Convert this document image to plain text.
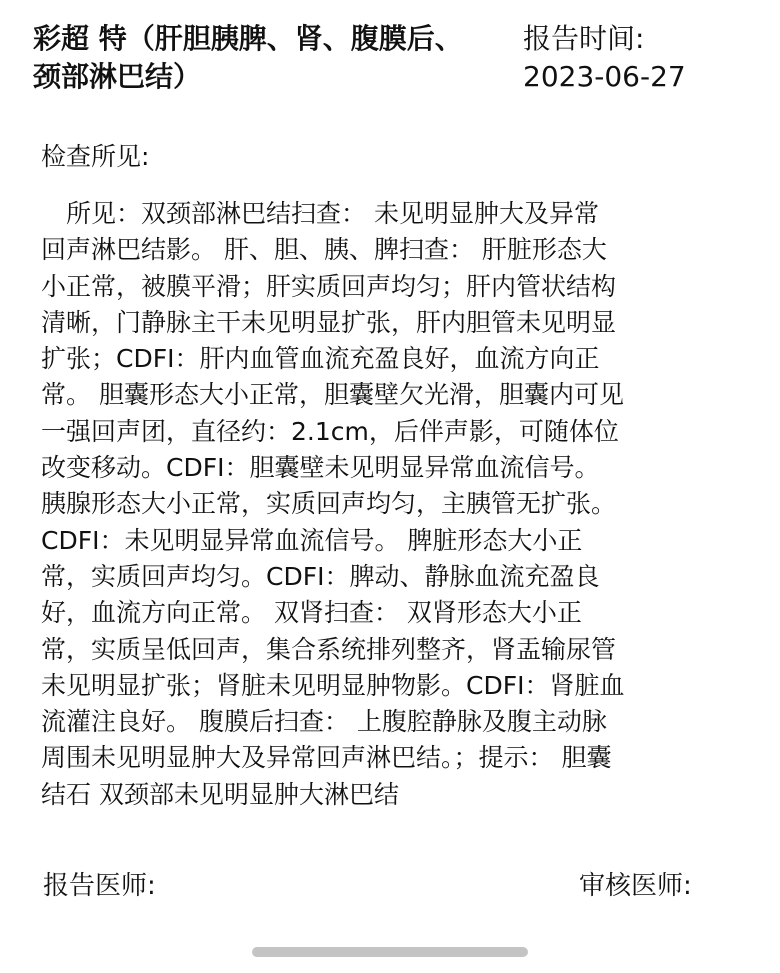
彩超 特（肝胆胰脾、肾、腹膜后、
颈部淋巴结）
报告时间:
2023-06-27
检查所见:
　所见：双颈部淋巴结扫查： 未见明显肿大及异常
回声淋巴结影。 肝、胆、胰、脾扫查： 肝脏形态大
小正常，被膜平滑；肝实质回声均匀；肝内管状结构
清晰，门静脉主干未见明显扩张，肝内胆管未见明显
扩张；CDFI：肝内血管血流充盈良好，血流方向正
常。 胆囊形态大小正常，胆囊壁欠光滑，胆囊内可见
一强回声团，直径约：2.1cm，后伴声影，可随体位
改变移动。CDFI：胆囊壁未见明显异常血流信号。
胰腺形态大小正常，实质回声均匀，主胰管无扩张。
CDFI：未见明显异常血流信号。 脾脏形态大小正
常，实质回声均匀。CDFI：脾动、静脉血流充盈良
好，血流方向正常。 双肾扫查： 双肾形态大小正
常，实质呈低回声，集合系统排列整齐，肾盂输尿管
未见明显扩张；肾脏未见明显肿物影。CDFI：肾脏血
流灌注良好。 腹膜后扫查： 上腹腔静脉及腹主动脉
周围未见明显肿大及异常回声淋巴结。；提示： 胆囊
结石 双颈部未见明显肿大淋巴结
报告医师:	审核医师:
